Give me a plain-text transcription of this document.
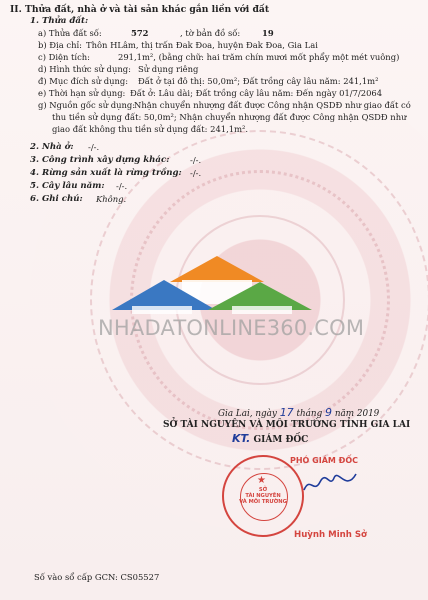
II. Thửa đất, nhà ở và tài sản khác gắn liền với đất
1. Thửa đất:
a) Thửa đất số:	572	, tờ bản đồ số:	19
b) Địa chỉ: Thôn HLâm, thị trấn Đak Đoa, huyện Đak Đoa, Gia Lai
c) Diện tích:	291,1m², (bằng chữ: hai trăm chín mươi mốt phẩy một mét vuông)
d) Hình thức sử dụng: Sử dụng riêng
đ) Mục đích sử dụng: Đất ở tại đô thị: 50,0m²; Đất trồng cây lâu năm: 241,1m²
e) Thời hạn sử dụng: Đất ở: Lâu dài; Đất trồng cây lâu năm: Đến ngày 01/7/2064
g) Nguồn gốc sử dụng:
Nhận chuyển nhượng đất được Công nhận QSDĐ như giao đất có
thu tiền sử dụng đất: 50,0m²; Nhận chuyển nhượng đất được Công nhận QSDĐ như
giao đất không thu tiền sử dụng đất: 241,1m².
2. Nhà ở: -/-.
3. Công trình xây dựng khác: -/-.
4. Rừng sản xuất là rừng trồng: -/-.
5. Cây lâu năm: -/-.
6. Ghi chú: Không.
NHADATONLINE360.COM
Gia Lai, ngày 17 tháng 9 năm 2019
SỞ TÀI NGUYÊN VÀ MÔI TRƯỜNG TỈNH GIA LAI
KT. GIÁM ĐỐC
★
SỞ
TÀI NGUYÊN
VÀ MÔI TRƯỜNG
PHÓ GIÁM ĐỐC
Huỳnh Minh Sở
Số vào sổ cấp GCN: CS05527
